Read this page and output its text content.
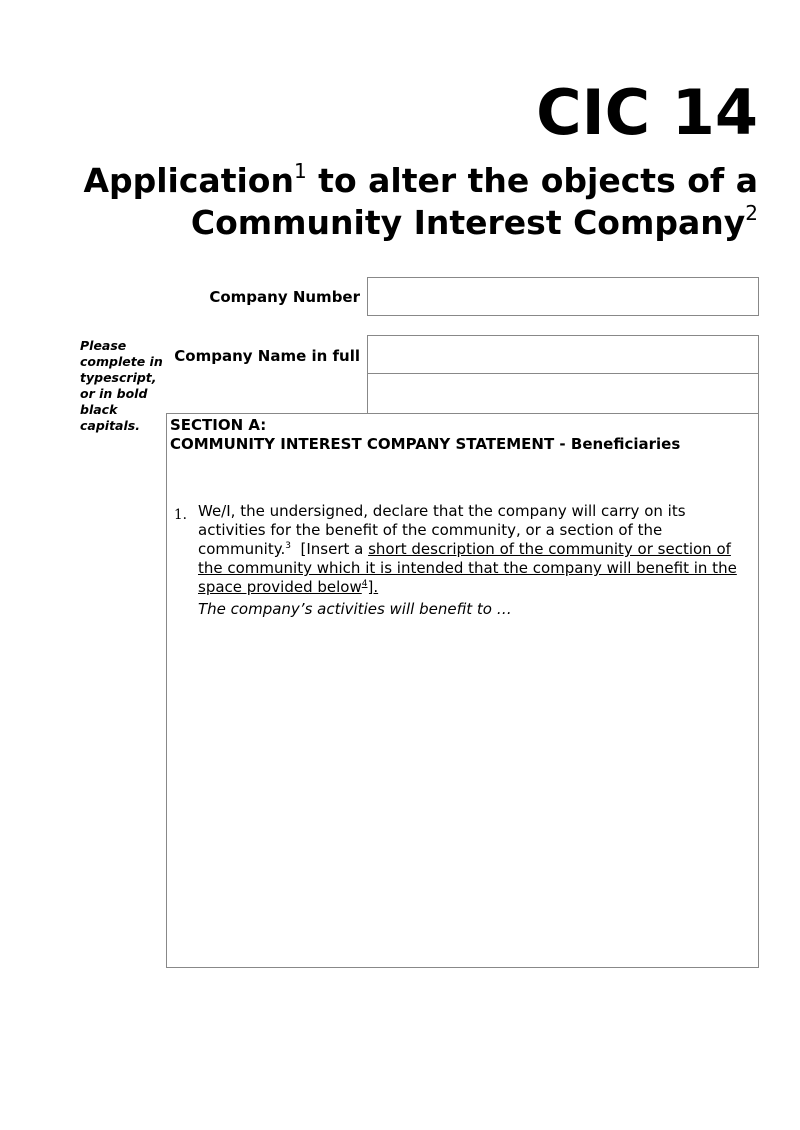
CIC 14
Application$^1$ to alter the objects of a
Community Interest Company$^2$
Please complete in typescript, or in bold black capitals.
Company Number
Company Name in full
SECTION A:
COMMUNITY INTEREST COMPANY STATEMENT - Beneficiaries
1. We/I, the undersigned, declare that the company will carry on its activities for the benefit of the community, or a section of the community.$^3$  [Insert a short description of the community or section of the community which it is intended that the company will benefit in the space provided below$^4$].
The company’s activities will benefit to …
